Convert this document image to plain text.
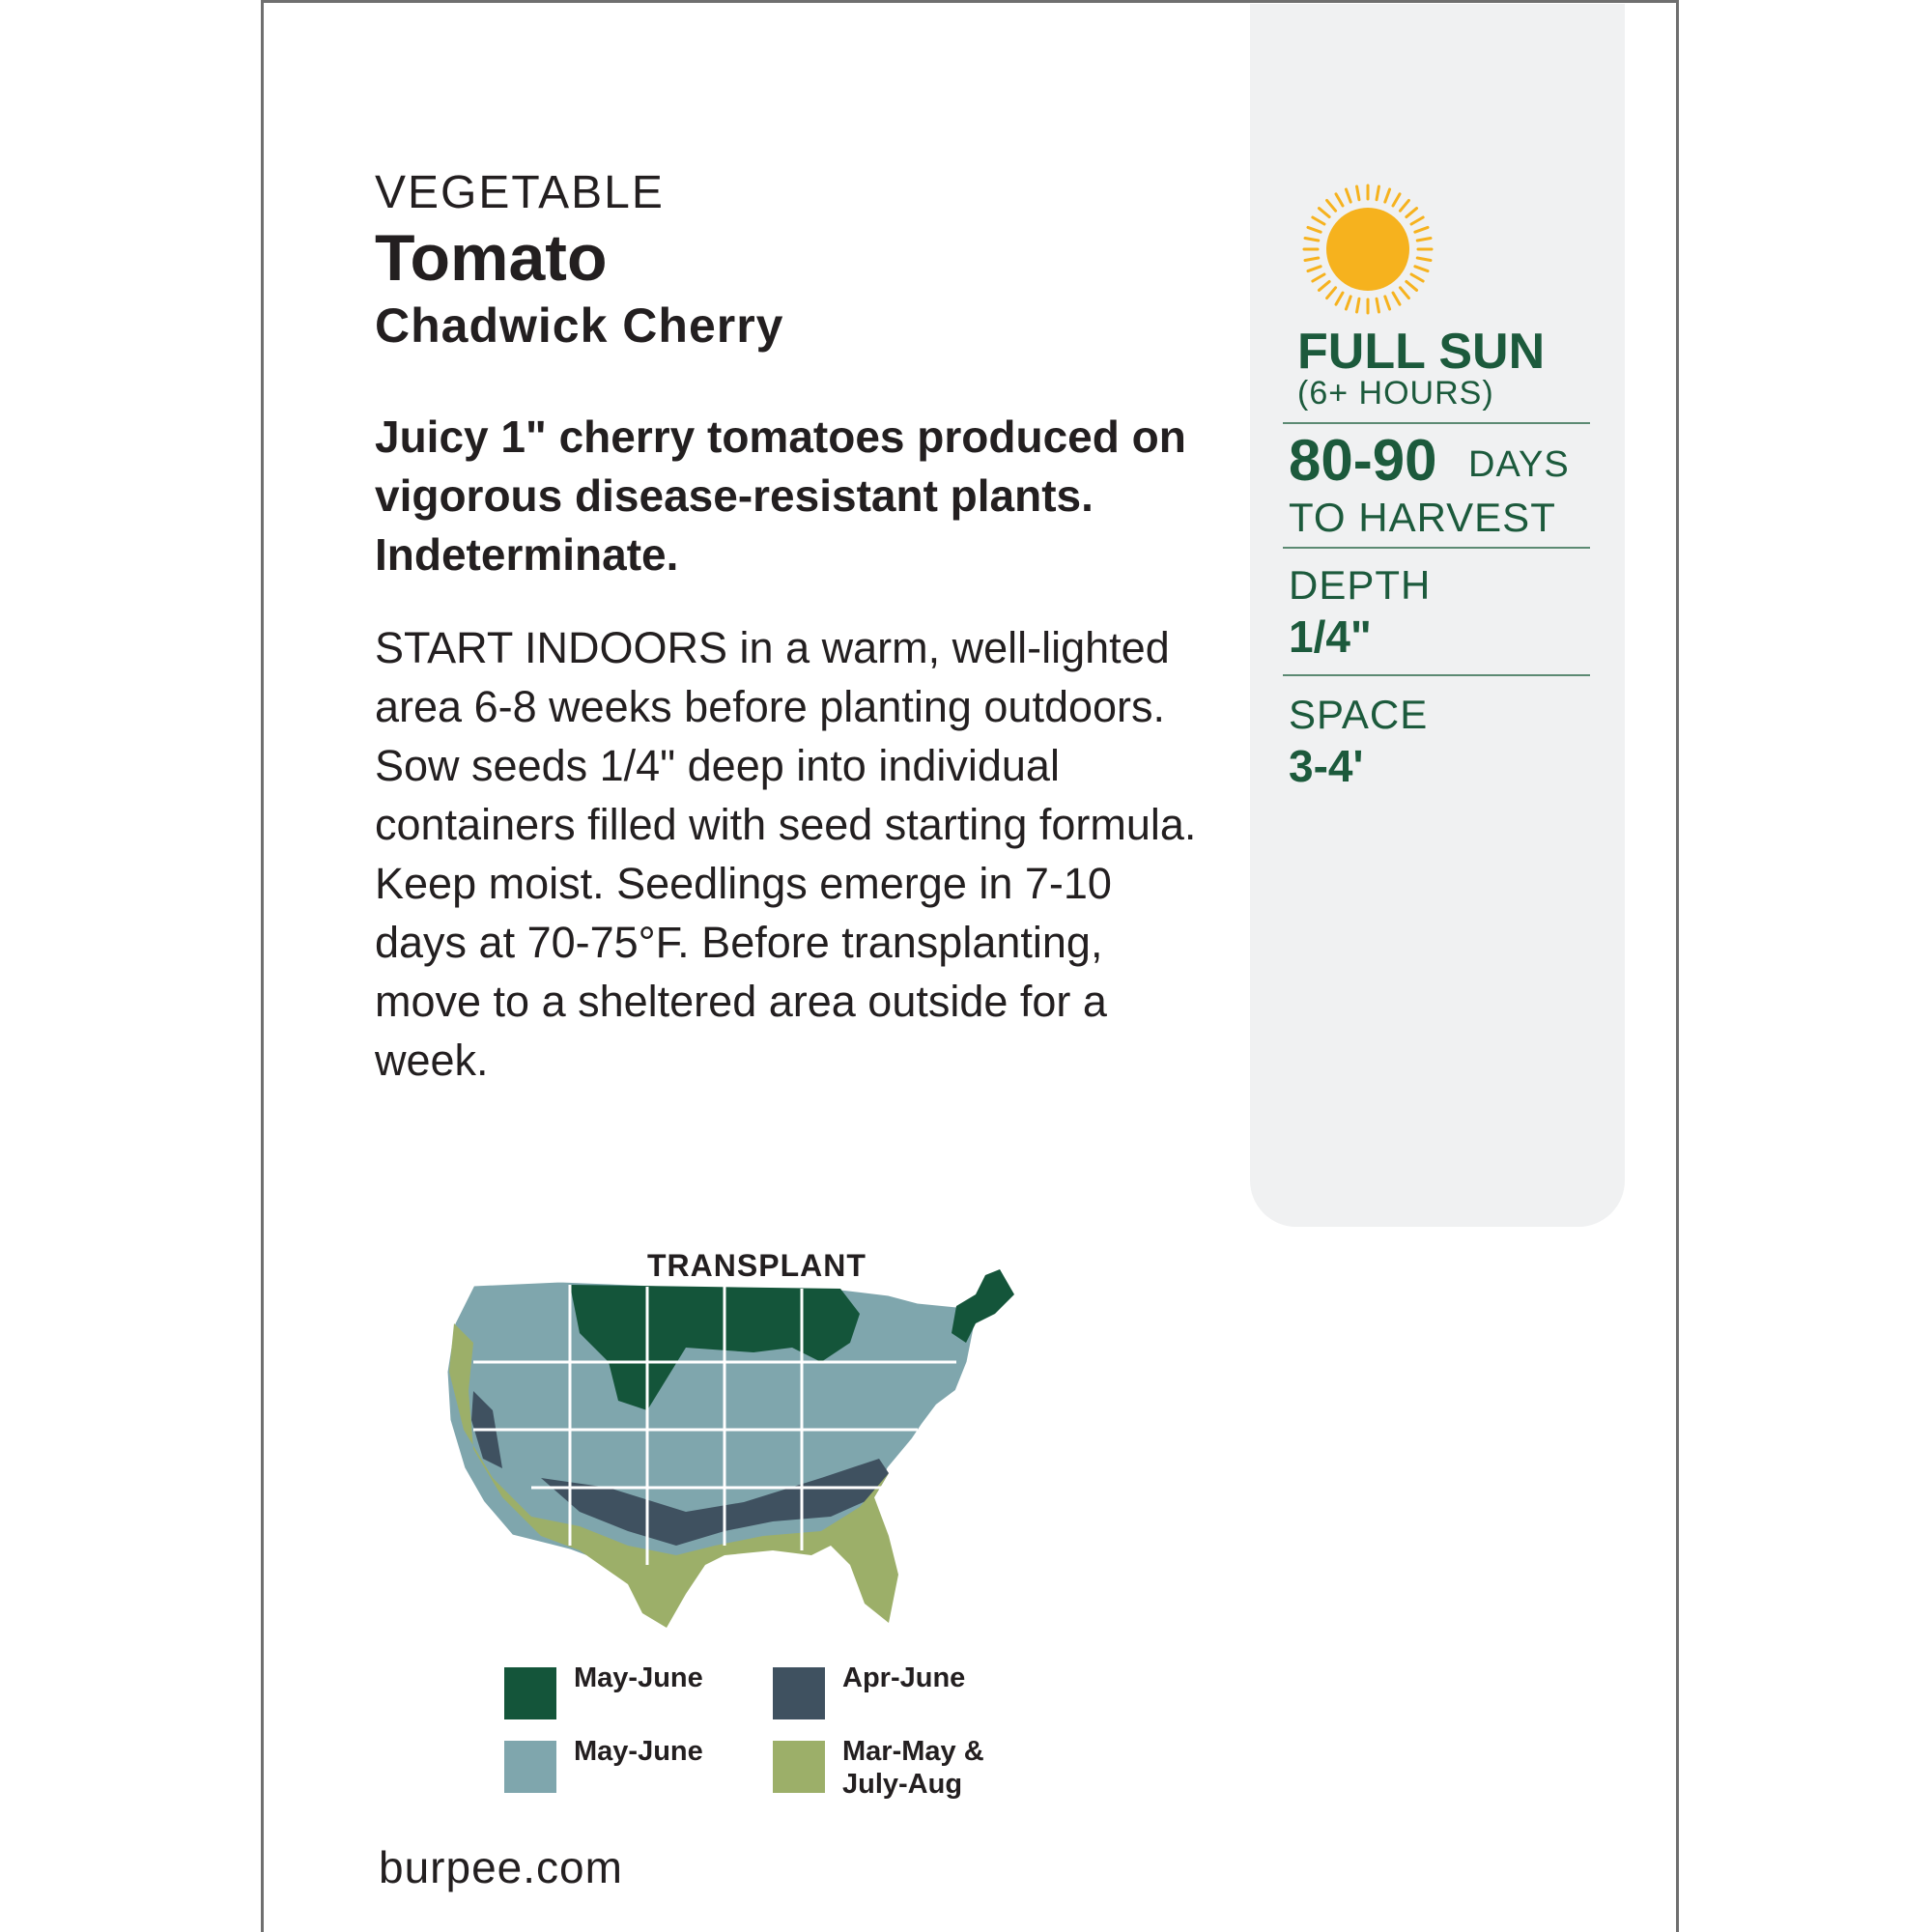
VEGETABLE
Tomato
Chadwick Cherry
Juicy 1" cherry tomatoes produced on vigorous disease-resistant plants. Indeterminate.
START INDOORS in a warm, well-lighted area 6-8 weeks before planting outdoors. Sow seeds 1/4" deep into individual containers filled with seed starting formula. Keep moist. Seedlings emerge in 7-10 days at 70-75°F. Before transplanting, move to a sheltered area outside for a week.
FULL SUN
(6+ HOURS)
80-90 DAYS
TO HARVEST
DEPTH
1/4"
SPACE
3-4'
TRANSPLANT
May-June	Apr-June
May-June	Mar-May & July-Aug
burpee.com
